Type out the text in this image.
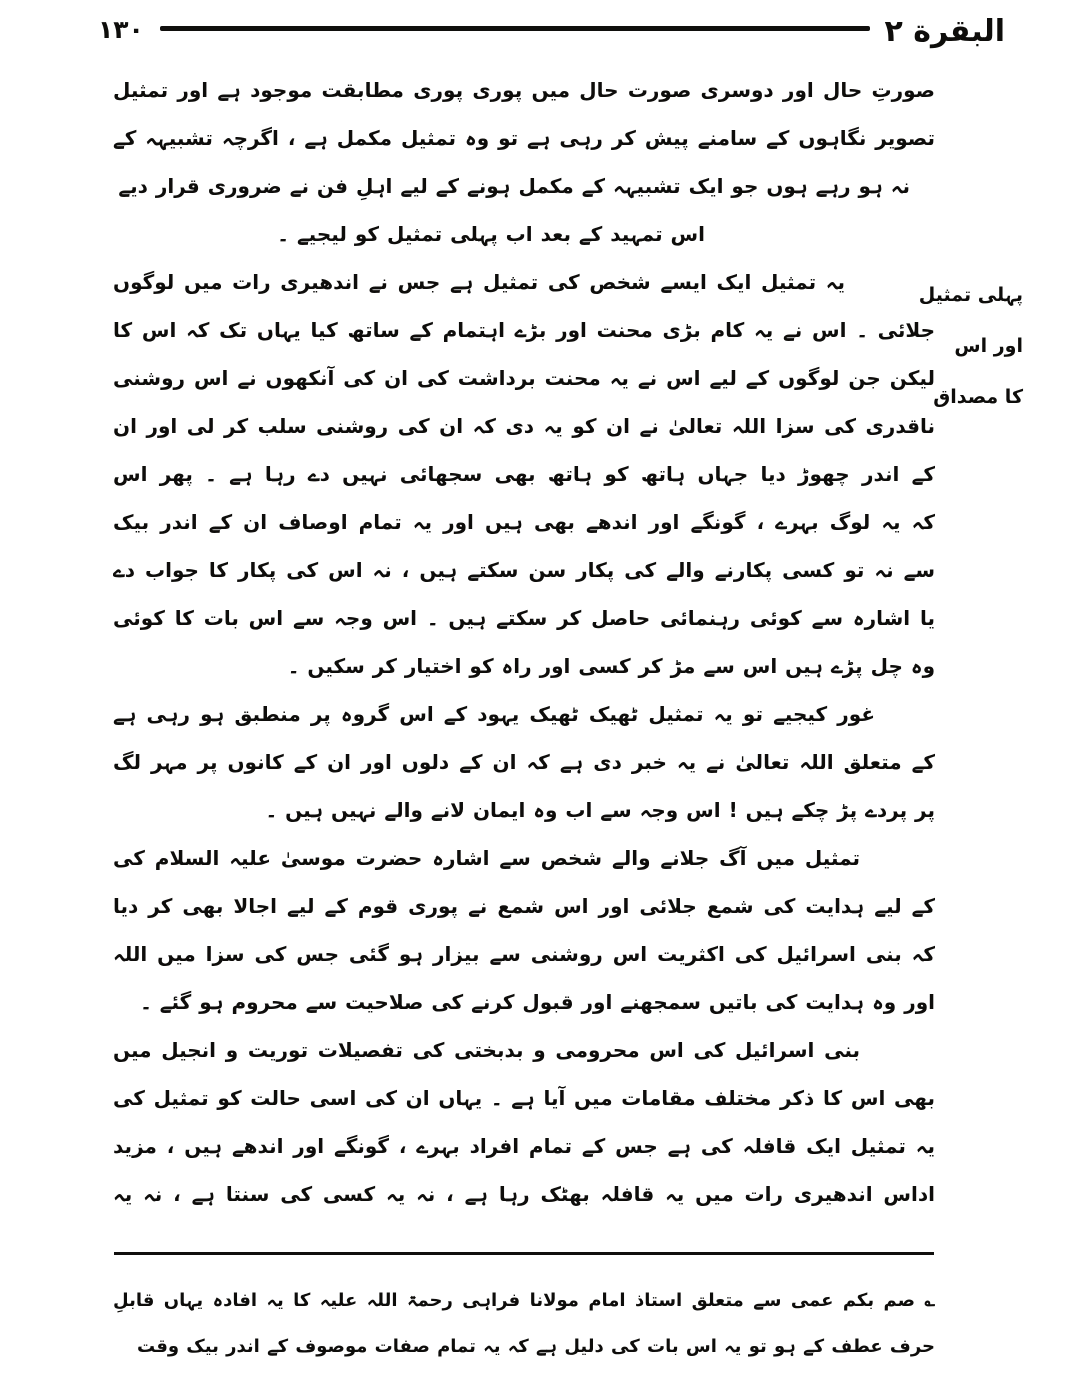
۱۳۰	البقرة ٢
صورتِ حال اور دوسری صورت حال میں پوری پوری مطابقت موجود ہے اور تمثیل
تصویر نگاہوں کے سامنے پیش کر رہی ہے تو وہ تمثیل مکمل ہے ، اگرچہ تشبیہہ کے
نہ ہو رہے ہوں جو ایک تشبیہہ کے مکمل ہونے کے لیے اہلِ فن نے ضروری قرار دیے
اس تمہید کے بعد اب پہلی تمثیل کو لیجیے ۔
یہ تمثیل ایک ایسے شخص کی تمثیل ہے جس نے اندھیری رات میں لوگوں
جلائی ۔ اس نے یہ کام بڑی محنت اور بڑے اہتمام کے ساتھ کیا یہاں تک کہ اس کا
لیکن جن لوگوں کے لیے اس نے یہ محنت برداشت کی ان کی آنکھوں نے اس روشنی
ناقدری کی سزا اللہ تعالیٰ نے ان کو یہ دی کہ ان کی روشنی سلب کر لی اور ان
کے اندر چھوڑ دیا جہاں ہاتھ کو ہاتھ بھی سجھائی نہیں دے رہا ہے ۔ پھر اس
کہ یہ لوگ بہرے ، گونگے اور اندھے بھی ہیں اور یہ تمام اوصاف ان کے اندر بیک
سے نہ تو کسی پکارنے والے کی پکار سن سکتے ہیں ، نہ اس کی پکار کا جواب دے
یا اشارہ سے کوئی رہنمائی حاصل کر سکتے ہیں ۔ اس وجہ سے اس بات کا کوئی
وہ چل پڑے ہیں اس سے مڑ کر کسی اور راہ کو اختیار کر سکیں ۔
غور کیجیے تو یہ تمثیل ٹھیک ٹھیک یہود کے اس گروہ پر منطبق ہو رہی ہے
کے متعلق اللہ تعالیٰ نے یہ خبر دی ہے کہ ان کے دلوں اور ان کے کانوں پر مہر لگ
پر پردے پڑ چکے ہیں ! اس وجہ سے اب وہ ایمان لانے والے نہیں ہیں ۔
تمثیل میں آگ جلانے والے شخص سے اشارہ حضرت موسیٰ علیہ السلام کی
کے لیے ہدایت کی شمع جلائی اور اس شمع نے پوری قوم کے لیے اجالا بھی کر دیا
کہ بنی اسرائیل کی اکثریت اس روشنی سے بیزار ہو گئی جس کی سزا میں اللہ
اور وہ ہدایت کی باتیں سمجھنے اور قبول کرنے کی صلاحیت سے محروم ہو گئے ۔
بنی اسرائیل کی اس محرومی و بدبختی کی تفصیلات توریت و انجیل میں
بھی اس کا ذکر مختلف مقامات میں آیا ہے ۔ یہاں ان کی اسی حالت کو تمثیل کی
یہ تمثیل ایک قافلہ کی ہے جس کے تمام افراد بہرے ، گونگے اور اندھے ہیں ، مزید
اداس اندھیری رات میں یہ قافلہ بھٹک رہا ہے ، نہ یہ کسی کی سنتا ہے ، نہ یہ
پہلی تمثیل
اور اس
کا مصداق
؎ صم بکم عمی سے متعلق استاذ امام مولانا فراہی رحمۃ اللہ علیہ کا یہ افادہ یہاں قابلِ
حرف عطف کے ہو تو یہ اس بات کی دلیل ہے کہ یہ تمام صفات موصوف کے اندر بیک وقت
